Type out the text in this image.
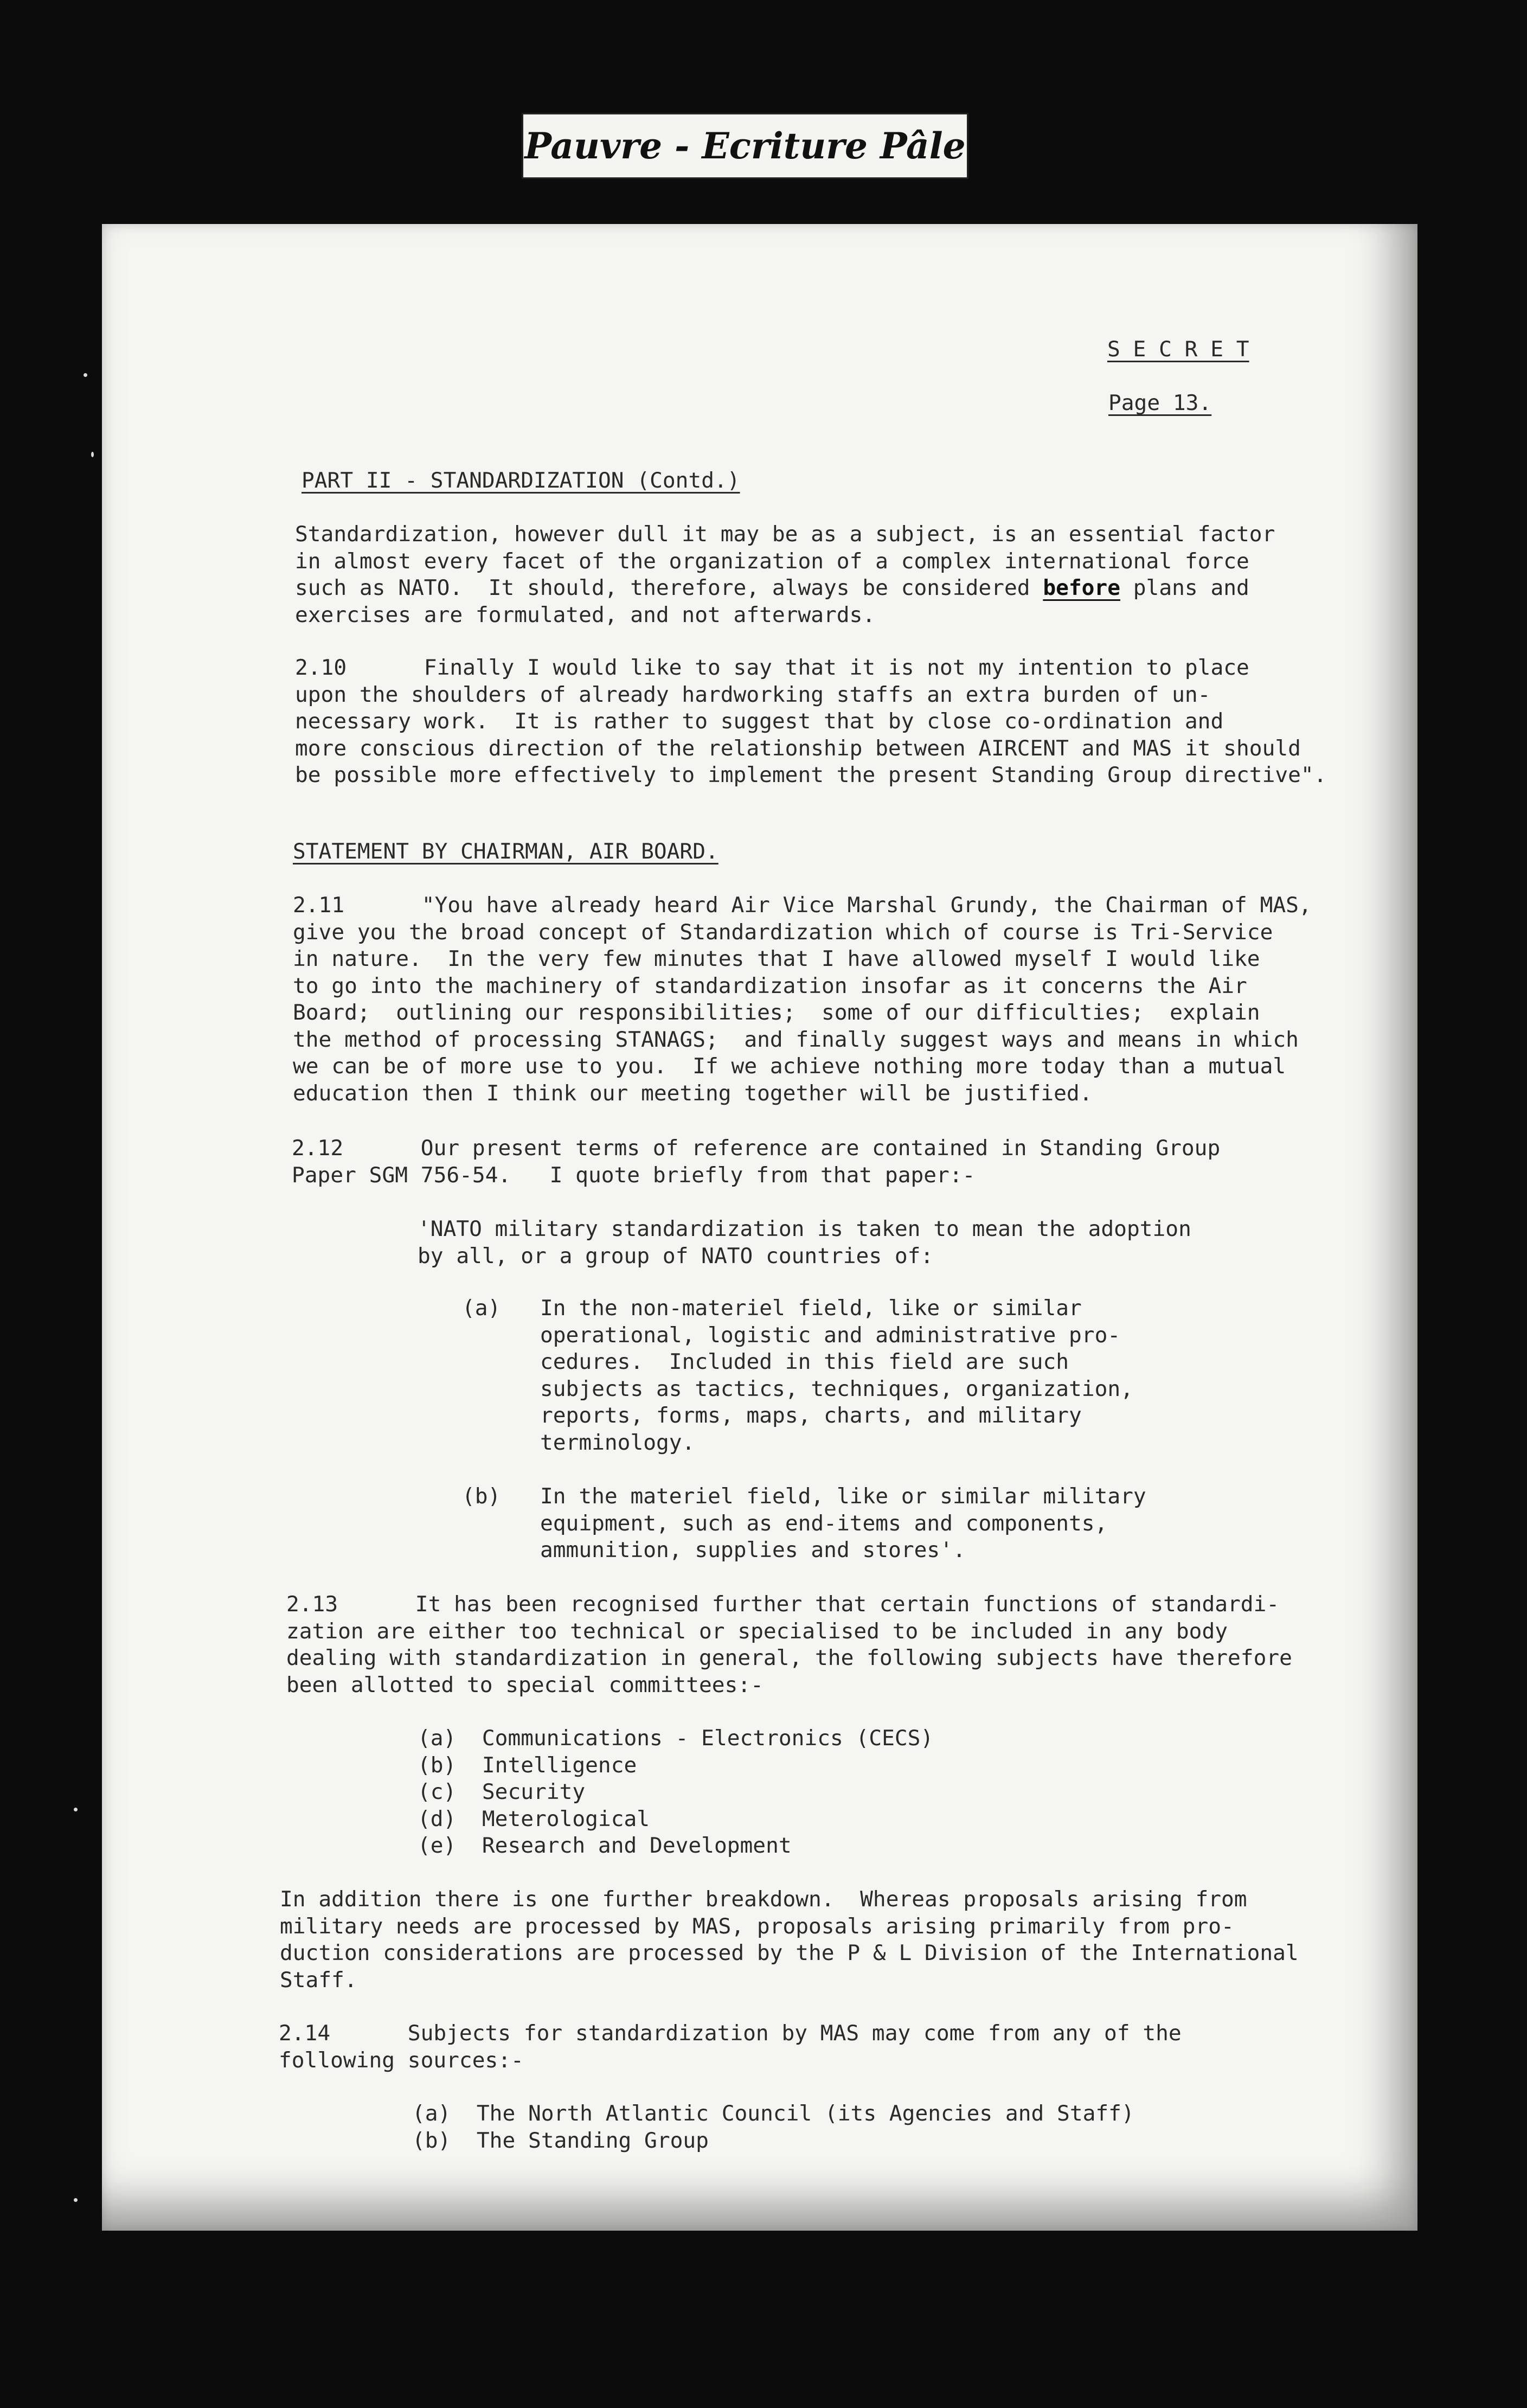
Pauvre - Ecriture Pâle
S E C R E T
Page 13.
PART II - STANDARDIZATION (Contd.)
Standardization, however dull it may be as a subject, is an essential factor
in almost every facet of the organization of a complex international force
such as NATO.  It should, therefore, always be considered before plans and
exercises are formulated, and not afterwards.
2.10      Finally I would like to say that it is not my intention to place
upon the shoulders of already hardworking staffs an extra burden of un-
necessary work.  It is rather to suggest that by close co-ordination and
more conscious direction of the relationship between AIRCENT and MAS it should
be possible more effectively to implement the present Standing Group directive".
STATEMENT BY CHAIRMAN, AIR BOARD.
2.11      "You have already heard Air Vice Marshal Grundy, the Chairman of MAS,
give you the broad concept of Standardization which of course is Tri-Service
in nature.  In the very few minutes that I have allowed myself I would like
to go into the machinery of standardization insofar as it concerns the Air
Board;  outlining our responsibilities;  some of our difficulties;  explain
the method of processing STANAGS;  and finally suggest ways and means in which
we can be of more use to you.  If we achieve nothing more today than a mutual
education then I think our meeting together will be justified.
2.12      Our present terms of reference are contained in Standing Group
Paper SGM 756-54.   I quote briefly from that paper:-
'NATO military standardization is taken to mean the adoption
by all, or a group of NATO countries of:
(a) In the non-materiel field, like or similar
operational, logistic and administrative pro-
cedures.  Included in this field are such
subjects as tactics, techniques, organization,
reports, forms, maps, charts, and military
terminology.
(b) In the materiel field, like or similar military
equipment, such as end-items and components,
ammunition, supplies and stores'.
2.13      It has been recognised further that certain functions of standardi-
zation are either too technical or specialised to be included in any body
dealing with standardization in general, the following subjects have therefore
been allotted to special committees:-
(a) Communications - Electronics (CECS)
(b) Intelligence
(c) Security
(d) Meterological
(e) Research and Development
In addition there is one further breakdown.  Whereas proposals arising from
military needs are processed by MAS, proposals arising primarily from pro-
duction considerations are processed by the P & L Division of the International
Staff.
2.14      Subjects for standardization by MAS may come from any of the
following sources:-
(a) The North Atlantic Council (its Agencies and Staff)
(b) The Standing Group
